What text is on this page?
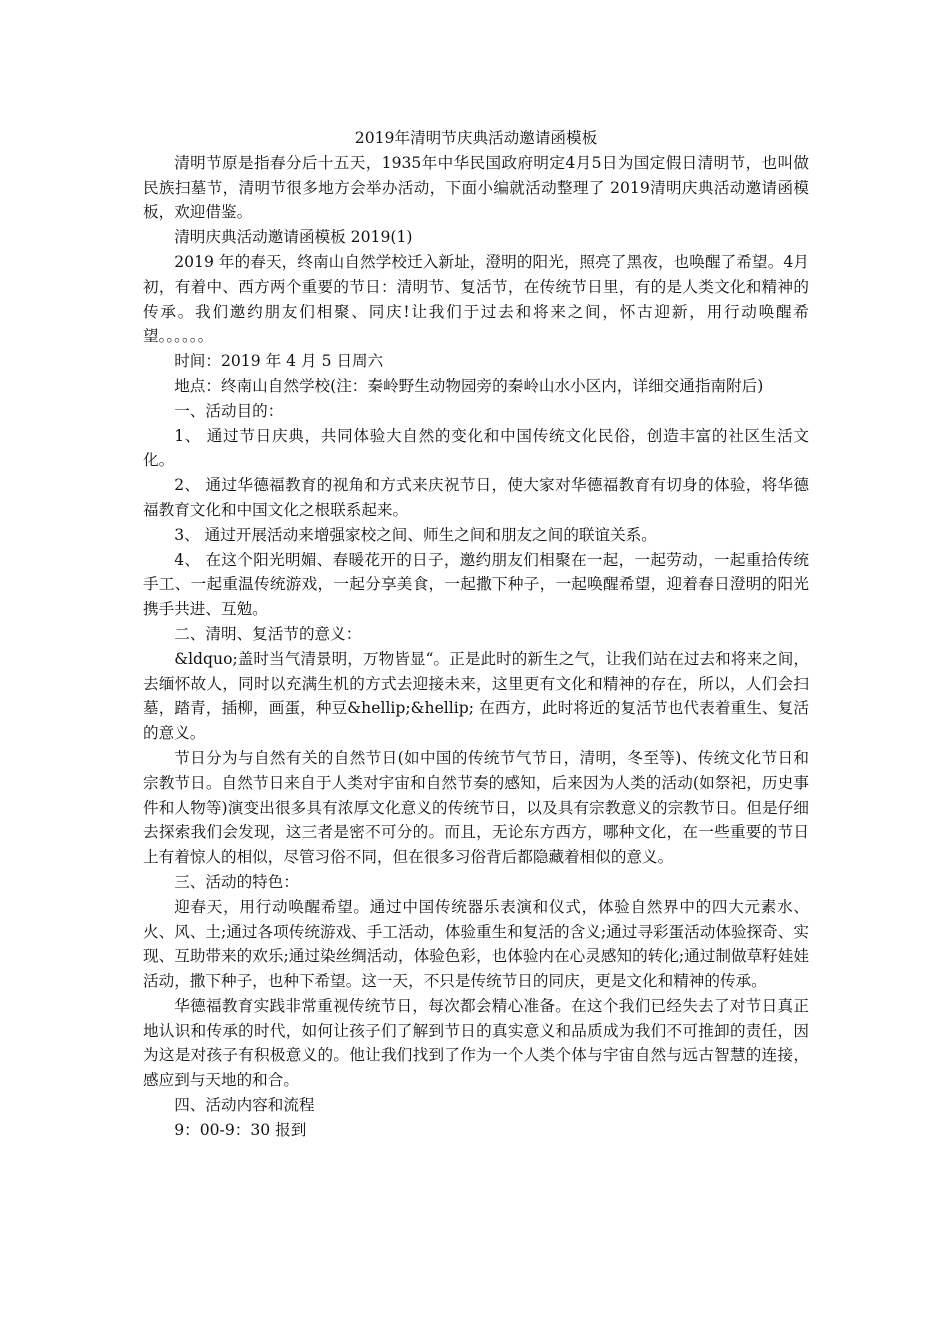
2019年清明节庆典活动邀请函模板

清明节原是指春分后十五天，1935年中华民国政府明定4月5日为国定假日清明节，也叫做民族扫墓节，清明节很多地方会举办活动，下面小编就活动整理了 2019清明庆典活动邀请函模板，欢迎借鉴。

清明庆典活动邀请函模板 2019(1)

2019 年的春天，终南山自然学校迁入新址，澄明的阳光，照亮了黑夜，也唤醒了希望。4月初，有着中、西方两个重要的节日：清明节、复活节，在传统节日里，有的是人类文化和精神的传承。我们邀约朋友们相聚、同庆!让我们于过去和将来之间，怀古迎新，用行动唤醒希望。。。。。。

时间：2019 年 4 月 5 日周六

地点：终南山自然学校(注：秦岭野生动物园旁的秦岭山水小区内，详细交通指南附后)

一、活动目的：

1、 通过节日庆典，共同体验大自然的变化和中国传统文化民俗，创造丰富的社区生活文化。

2、 通过华德福教育的视角和方式来庆祝节日，使大家对华德福教育有切身的体验，将华德福教育文化和中国文化之根联系起来。

3、 通过开展活动来增强家校之间、师生之间和朋友之间的联谊关系。

4、 在这个阳光明媚、春暖花开的日子，邀约朋友们相聚在一起，一起劳动，一起重拾传统手工、一起重温传统游戏，一起分享美食，一起撒下种子，一起唤醒希望，迎着春日澄明的阳光携手共进、互勉。

二、清明、复活节的意义：

&ldquo;盖时当气清景明，万物皆显“。正是此时的新生之气，让我们站在过去和将来之间，去缅怀故人，同时以充满生机的方式去迎接未来，这里更有文化和精神的存在，所以，人们会扫墓，踏青，插柳，画蛋，种豆&hellip;&hellip; 在西方，此时将近的复活节也代表着重生、复活的意义。

节日分为与自然有关的自然节日(如中国的传统节气节日，清明，冬至等)、传统文化节日和宗教节日。自然节日来自于人类对宇宙和自然节奏的感知，后来因为人类的活动(如祭祀，历史事件和人物等)演变出很多具有浓厚文化意义的传统节日，以及具有宗教意义的宗教节日。但是仔细去探索我们会发现，这三者是密不可分的。而且，无论东方西方，哪种文化，在一些重要的节日上有着惊人的相似，尽管习俗不同，但在很多习俗背后都隐藏着相似的意义。

三、活动的特色：

迎春天，用行动唤醒希望。通过中国传统器乐表演和仪式，体验自然界中的四大元素水、火、风、土;通过各项传统游戏、手工活动，体验重生和复活的含义;通过寻彩蛋活动体验探奇、实现、互助带来的欢乐;通过染丝绸活动，体验色彩，也体验内在心灵感知的转化;通过制做草籽娃娃活动，撒下种子，也种下希望。这一天，不只是传统节日的同庆，更是文化和精神的传承。

华德福教育实践非常重视传统节日，每次都会精心准备。在这个我们已经失去了对节日真正地认识和传承的时代，如何让孩子们了解到节日的真实意义和品质成为我们不可推卸的责任，因为这是对孩子有积极意义的。他让我们找到了作为一个人类个体与宇宙自然与远古智慧的连接，感应到与天地的和合。

四、活动内容和流程

9：00-9：30 报到
